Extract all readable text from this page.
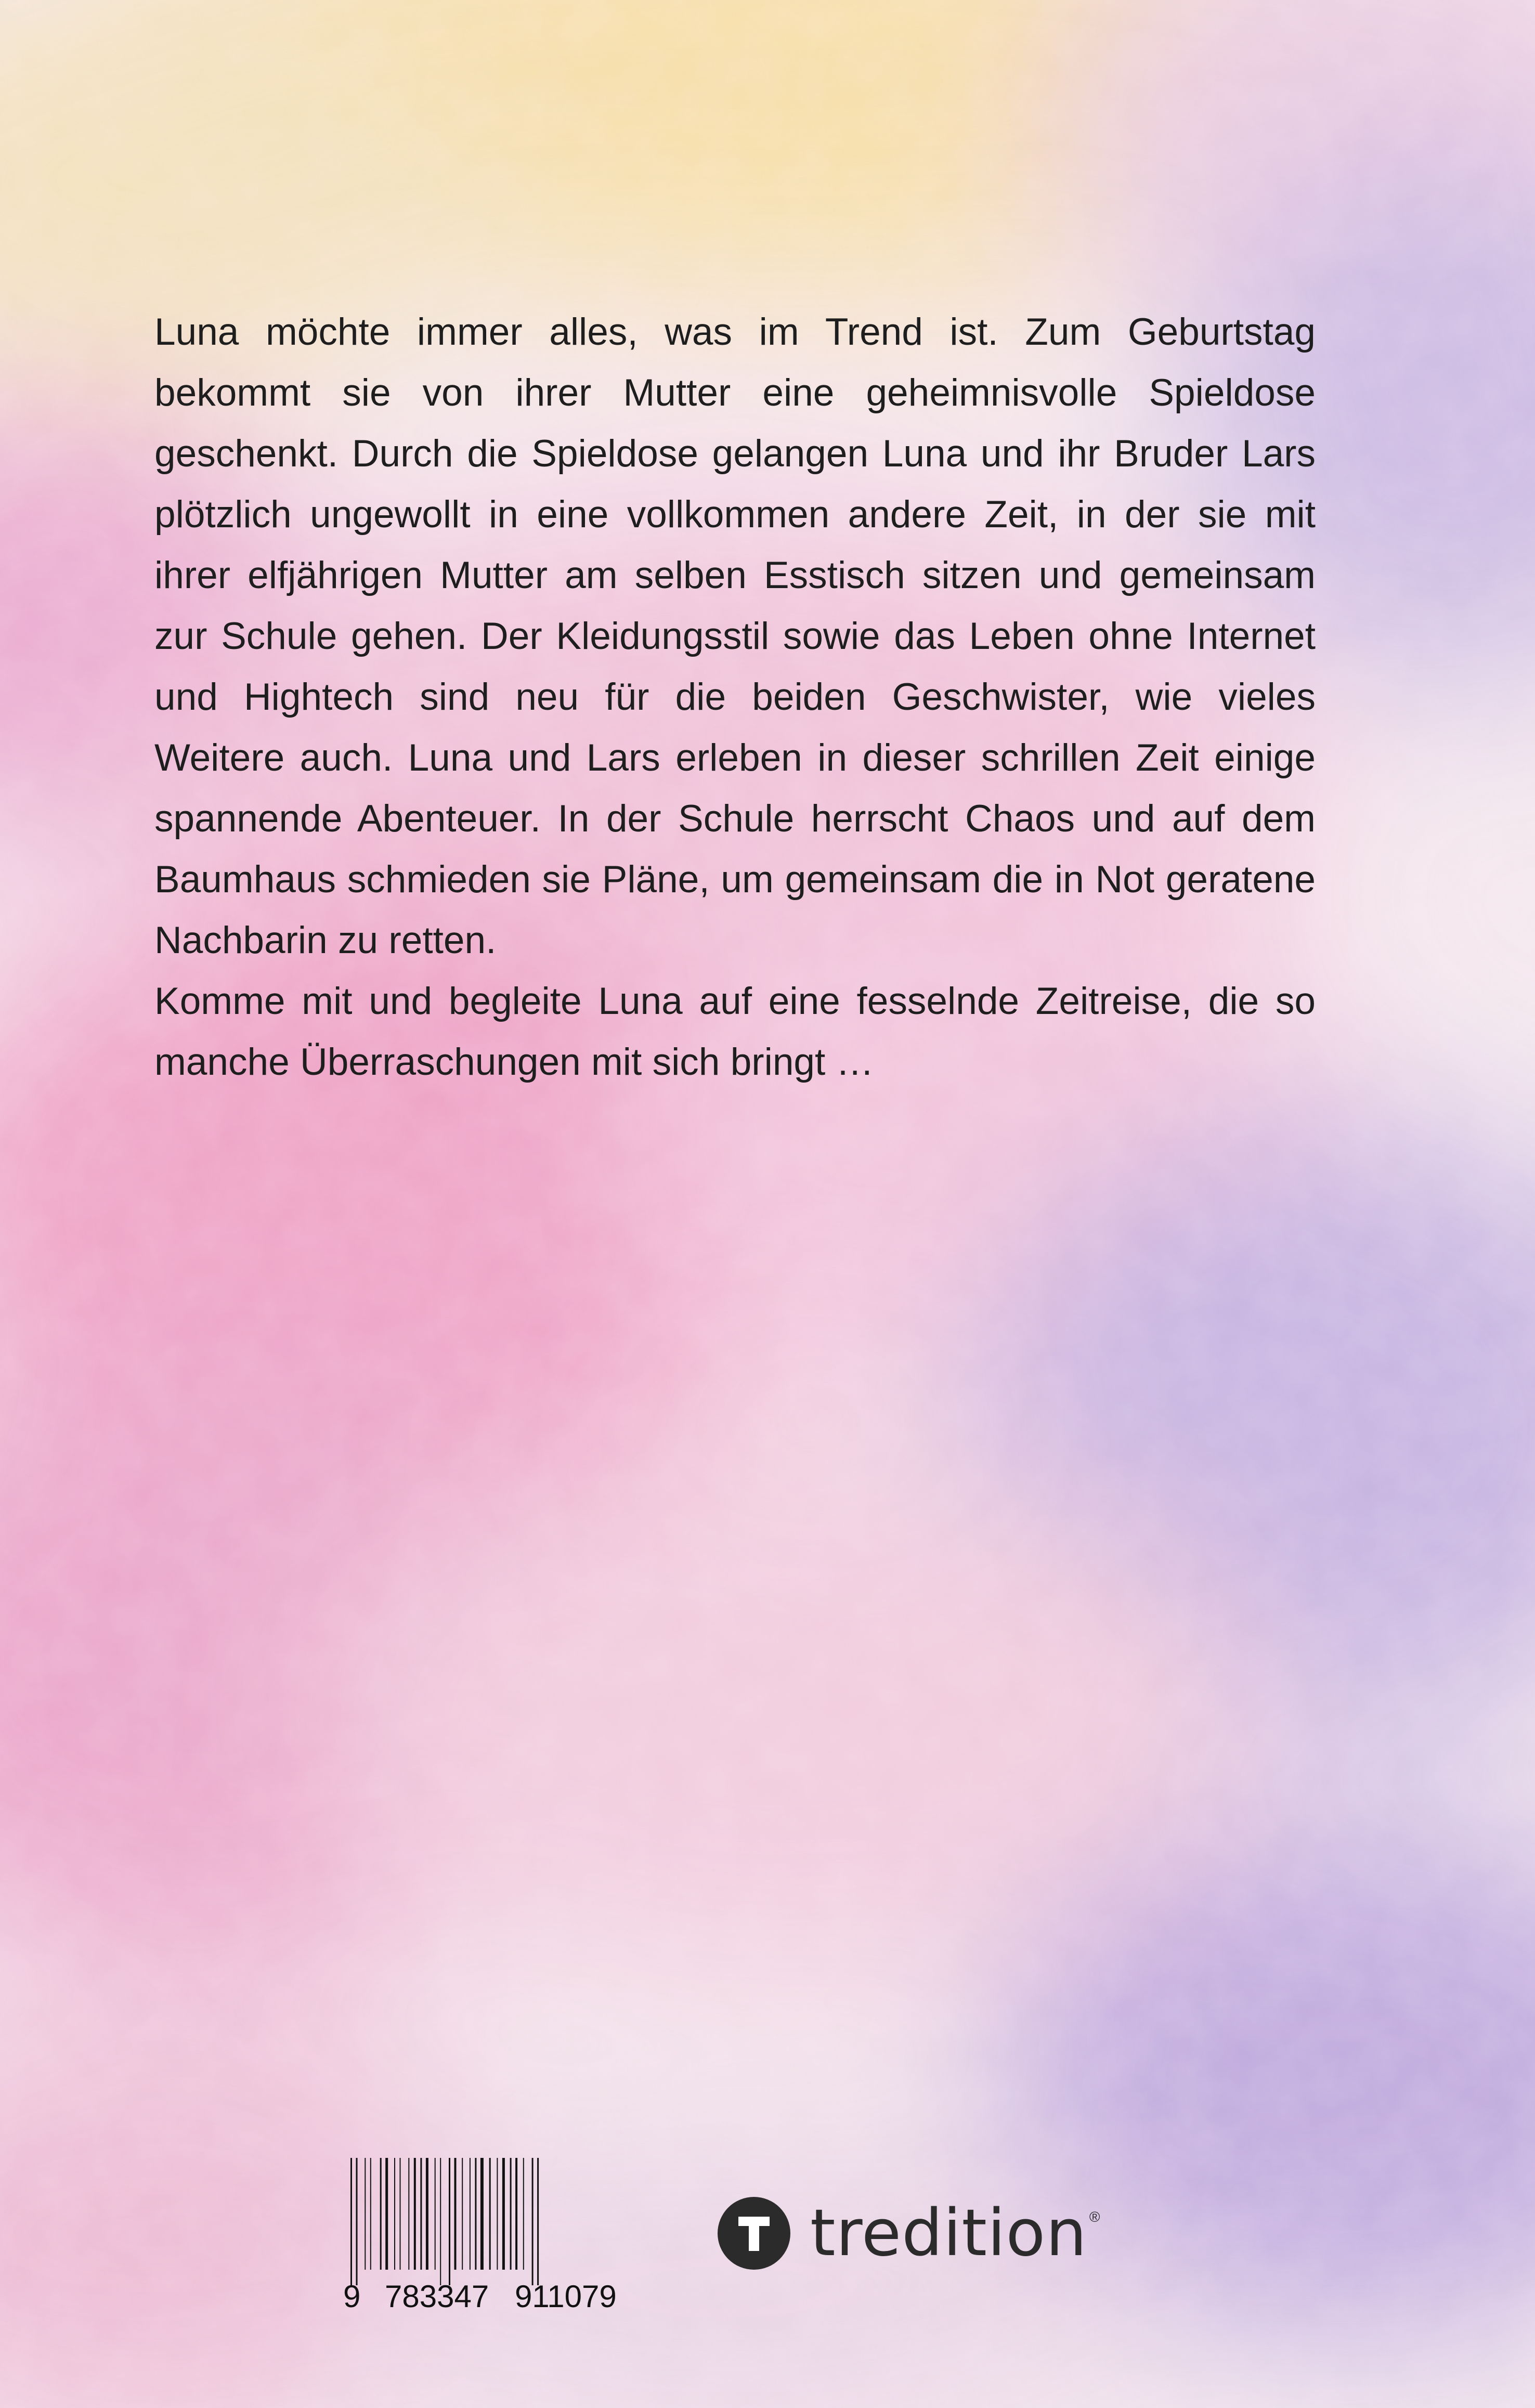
Luna möchte immer alles, was im Trend ist. Zum Geburtstag bekommt sie von ihrer Mutter eine geheimnisvolle Spieldose geschenkt. Durch die Spieldose gelangen Luna und ihr Bruder Lars plötzlich ungewollt in eine vollkommen andere Zeit, in der sie mit ihrer elfjährigen Mutter am selben Esstisch sitzen und gemeinsam zur Schule gehen. Der Kleidungsstil sowie das Leben ohne Internet und Hightech sind neu für die beiden Geschwister, wie vieles Weitere auch. Luna und Lars erleben in dieser schrillen Zeit einige spannende Abenteuer. In der Schule herrscht Chaos und auf dem Baumhaus schmieden sie Pläne, um gemeinsam die in Not geratene Nachbarin zu retten.

Komme mit und begleite Luna auf eine fesselnde Zeitreise, die so manche Überraschungen mit sich bringt …

9 783347 911079
tredition ®
